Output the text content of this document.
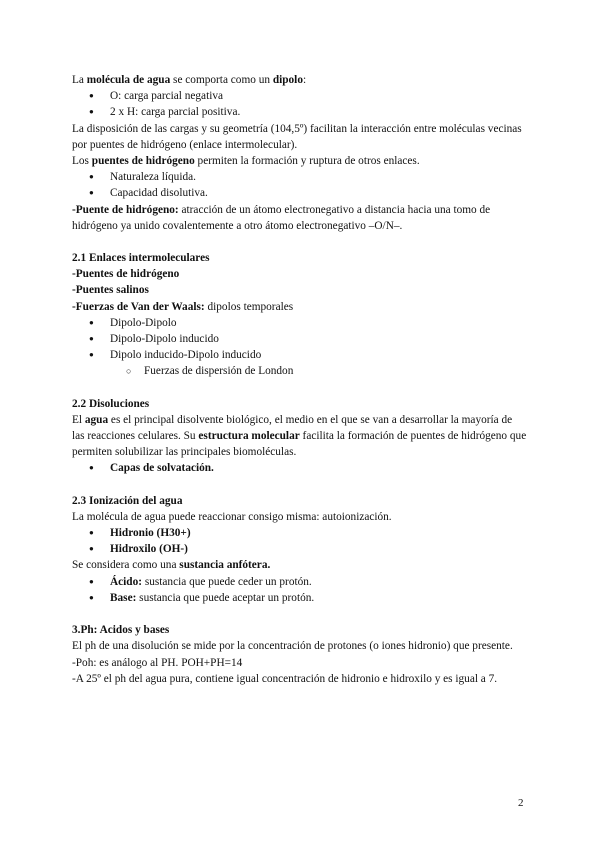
La molécula de agua se comporta como un dipolo:

● O: carga parcial negativa
● 2 x H: carga parcial positiva.

La disposición de las cargas y su geometría (104,5º) facilitan la interacción entre moléculas vecinas por puentes de hidrógeno (enlace intermolecular).

Los puentes de hidrógeno permiten la formación y ruptura de otros enlaces.

● Naturaleza líquida.
● Capacidad disolutiva.

-Puente de hidrógeno: atracción de un átomo electronegativo a distancia hacia una tomo de hidrógeno ya unido covalentemente a otro átomo electronegativo –O/N–.

2.1 Enlaces intermoleculares

-Puentes de hidrógeno

-Puentes salinos

-Fuerzas de Van der Waals: dipolos temporales

● Dipolo-Dipolo
● Dipolo-Dipolo inducido
● Dipolo inducido-Dipolo inducido
○ Fuerzas de dispersión de London

2.2 Disoluciones

El agua es el principal disolvente biológico, el medio en el que se van a desarrollar la mayoría de las reacciones celulares. Su estructura molecular facilita la formación de puentes de hidrógeno que permiten solubilizar las principales biomoléculas.

● Capas de solvatación.

2.3 Ionización del agua

La molécula de agua puede reaccionar consigo misma: autoionización.

● Hidronio (H30+)
● Hidroxilo (OH-)

Se considera como una sustancia anfótera.

● Ácido: sustancia que puede ceder un protón.
● Base: sustancia que puede aceptar un protón.

3.Ph: Acidos y bases

El ph de una disolución se mide por la concentración de protones (o iones hidronio) que presente.

-Poh: es análogo al PH. POH+PH=14

-A 25º el ph del agua pura, contiene igual concentración de hidronio e hidroxilo y es igual a 7.

2
